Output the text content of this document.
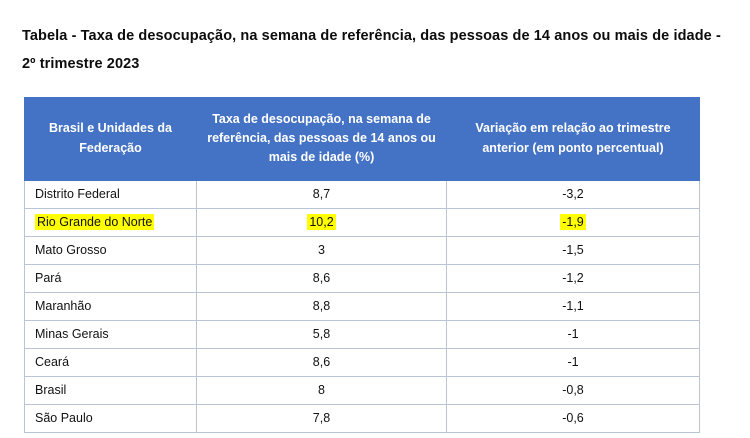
Tabela - Taxa de desocupação, na semana de referência, das pessoas de 14 anos ou mais de idade - 2º trimestre 2023
Brasil e Unidades da Federação	Taxa de desocupação, na semana de referência, das pessoas de 14 anos ou mais de idade (%)	Variação em relação ao trimestre anterior (em ponto percentual)
Distrito Federal	8,7	-3,2
Rio Grande do Norte	10,2	-1,9
Mato Grosso	3	-1,5
Pará	8,6	-1,2
Maranhão	8,8	-1,1
Minas Gerais	5,8	-1
Ceará	8,6	-1
Brasil	8	-0,8
São Paulo	7,8	-0,6
